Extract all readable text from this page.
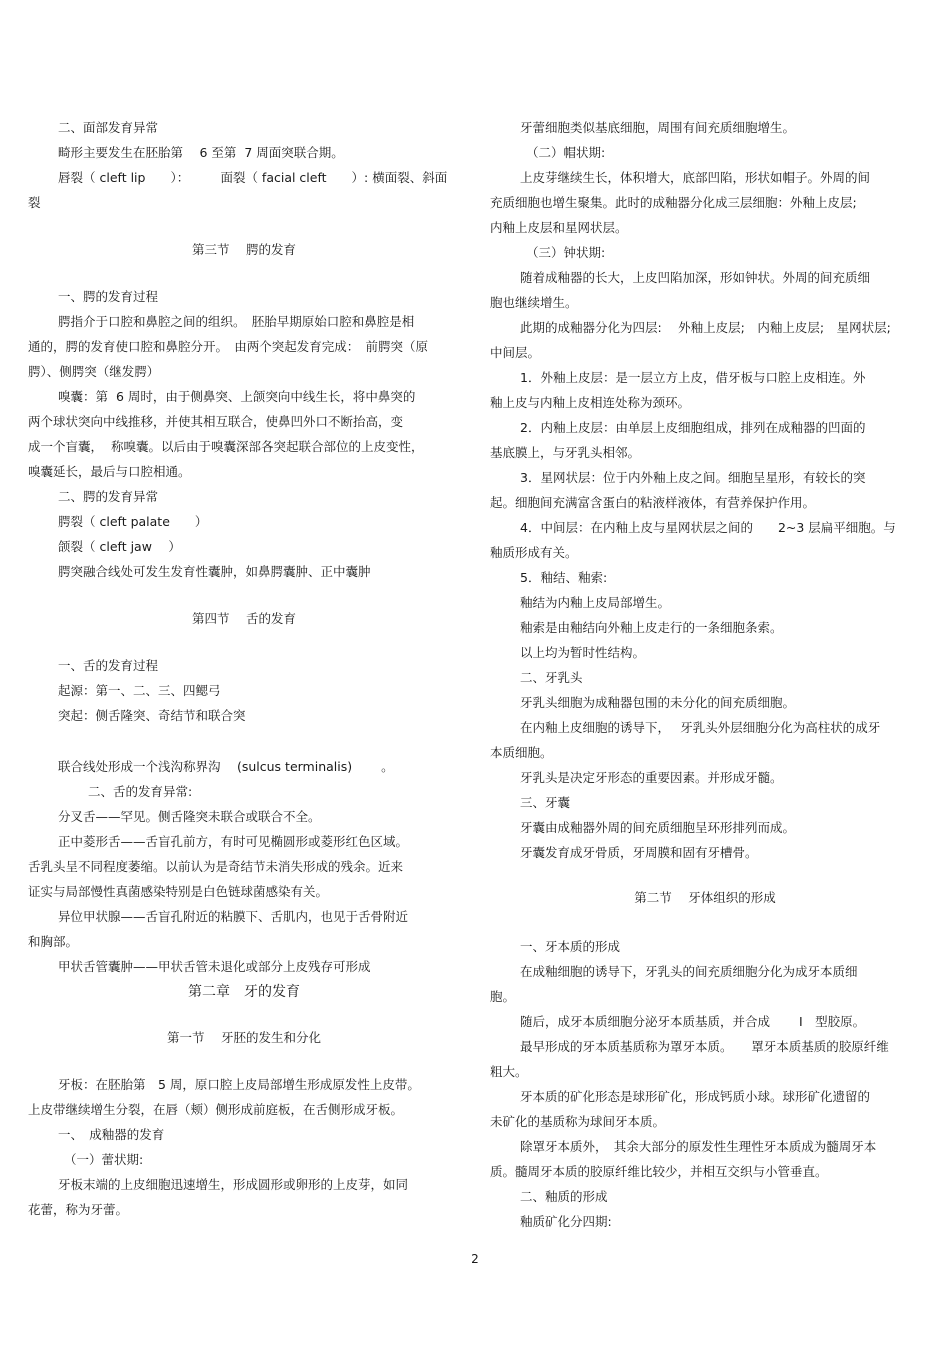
二、面部发育异常
畸形主要发生在胚胎第　 6 至第  7 周面突联合期。
唇裂（ cleft lip　　）：　　　面裂（ facial cleft　　）: 横面裂、斜面
裂
第三节　 腭的发育
一、腭的发育过程
腭指介于口腔和鼻腔之间的组织。　胚胎早期原始口腔和鼻腔是相
通的，腭的发育使口腔和鼻腔分开。　由两个突起发育完成：　前腭突（原
腭）、侧腭突（继发腭）
嗅囊：第  6 周时，由于侧鼻突、上颌突向中线生长，将中鼻突的
两个球状突向中线推移，并使其相互联合，使鼻凹外口不断抬高，变
成一个盲囊，  称嗅囊。以后由于嗅囊深部各突起联合部位的上皮变性，
嗅囊延长，最后与口腔相通。
二、腭的发育异常
腭裂（ cleft palate　　）
颌裂（ cleft jaw　 ）
腭突融合线处可发生发育性囊肿，如鼻腭囊肿、正中囊肿
第四节　 舌的发育
一、舌的发育过程
起源：第一、二、三、四鳃弓
突起：侧舌隆突、奇结节和联合突
联合线处形成一个浅沟称界沟　 (sulcus terminalis)　　 。
二、舌的发育异常:
分叉舌——罕见。侧舌隆突未联合或联合不全。
正中菱形舌——舌盲孔前方，有时可见椭圆形或菱形红色区域。
舌乳头呈不同程度萎缩。以前认为是奇结节未消失形成的残余。近来
证实与局部慢性真菌感染特别是白色链球菌感染有关。
异位甲状腺——舌盲孔附近的粘膜下、舌肌内，也见于舌骨附近
和胸部。
甲状舌管囊肿——甲状舌管未退化或部分上皮残存可形成
第二章　牙的发育
第一节　 牙胚的发生和分化
牙板：在胚胎第　5 周，原口腔上皮局部增生形成原发性上皮带。
上皮带继续增生分裂，在唇（颊）侧形成前庭板，在舌侧形成牙板。
一、　成釉器的发育
（一）蕾状期:
牙板末端的上皮细胞迅速增生，形成圆形或卵形的上皮芽，如同
花蕾，称为牙蕾。
牙蕾细胞类似基底细胞，周围有间充质细胞增生。
（二）帽状期:
上皮芽继续生长，体积增大，底部凹陷，形状如帽子。外周的间
充质细胞也增生聚集。此时的成釉器分化成三层细胞：外釉上皮层;
内釉上皮层和星网状层。
（三）钟状期:
随着成釉器的长大，上皮凹陷加深，形如钟状。外周的间充质细
胞也继续增生。
此期的成釉器分化为四层:　 外釉上皮层;　内釉上皮层;　星网状层;
中间层。
1．外釉上皮层：是一层立方上皮，借牙板与口腔上皮相连。外
釉上皮与内釉上皮相连处称为颈环。
2．内釉上皮层：由单层上皮细胞组成，排列在成釉器的凹面的
基底膜上，与牙乳头相邻。
3．星网状层：位于内外釉上皮之间。细胞呈星形，有较长的突
起。细胞间充满富含蛋白的粘液样液体，有营养保护作用。
4．中间层：在内釉上皮与星网状层之间的　　2~3 层扁平细胞。与
釉质形成有关。
5．釉结、釉索:
釉结为内釉上皮局部增生。
釉索是由釉结向外釉上皮走行的一条细胞条索。
以上均为暂时性结构。
二、牙乳头
牙乳头细胞为成釉器包围的未分化的间充质细胞。
在内釉上皮细胞的诱导下，　 牙乳头外层细胞分化为高柱状的成牙
本质细胞。
牙乳头是决定牙形态的重要因素。并形成牙髓。
三、牙囊
牙囊由成釉器外周的间充质细胞呈环形排列而成。
牙囊发育成牙骨质，牙周膜和固有牙槽骨。
第二节　 牙体组织的形成
一、牙本质的形成
在成釉细胞的诱导下，牙乳头的间充质细胞分化为成牙本质细
胞。
随后，成牙本质细胞分泌牙本质基质，并合成　　 I　型胶原。
最早形成的牙本质基质称为罩牙本质。　　罩牙本质基质的胶原纤维
粗大。
牙本质的矿化形态是球形矿化，形成钙质小球。球形矿化遗留的
未矿化的基质称为球间牙本质。
除罩牙本质外，　其余大部分的原发性生理性牙本质成为髓周牙本
质。髓周牙本质的胶原纤维比较少，并相互交织与小管垂直。
二、釉质的形成
釉质矿化分四期:
2
